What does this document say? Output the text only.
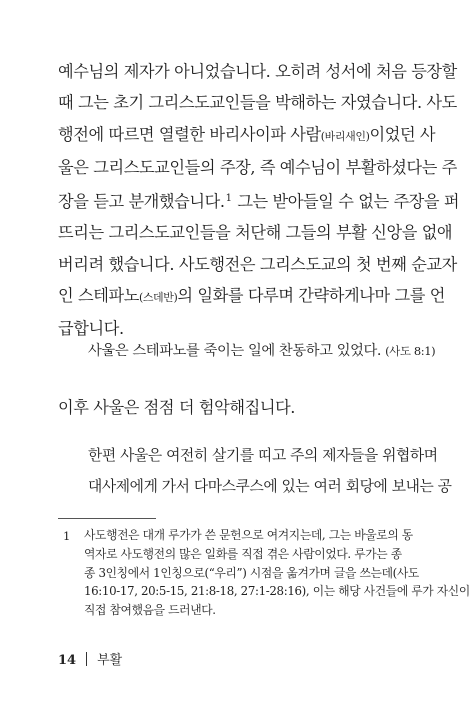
예수님의 제자가 아니었습니다. 오히려 성서에 처음 등장할
때 그는 초기 그리스도교인들을 박해하는 자였습니다. 사도
행전에 따르면 열렬한 바리사이파 사람(바리새인)이었던 사
울은 그리스도교인들의 주장, 즉 예수님이 부활하셨다는 주
장을 듣고 분개했습니다.$^1$ 그는 받아들일 수 없는 주장을 퍼
뜨리는 그리스도교인들을 처단해 그들의 부활 신앙을 없애
버리려 했습니다. 사도행전은 그리스도교의 첫 번째 순교자
인 스테파노(스데반)의 일화를 다루며 간략하게나마 그를 언
급합니다.

사울은 스테파노를 죽이는 일에 찬동하고 있었다. (사도 8:1)

이후 사울은 점점 더 험악해집니다.

한편 사울은 여전히 살기를 띠고 주의 제자들을 위협하며
대사제에게 가서 다마스쿠스에 있는 여러 회당에 보내는 공

1 사도행전은 대개 루가가 쓴 문헌으로 여겨지는데, 그는 바울로의 동
역자로 사도행전의 많은 일화를 직접 겪은 사람이었다. 루가는 종
종 3인칭에서 1인칭으로(“우리”) 시점을 옮겨가며 글을 쓰는데(사도
16:10-17, 20:5-15, 21:8-18, 27:1-28:16), 이는 해당 사건들에 루가 자신이
직접 참여했음을 드러낸다.

14 부활
